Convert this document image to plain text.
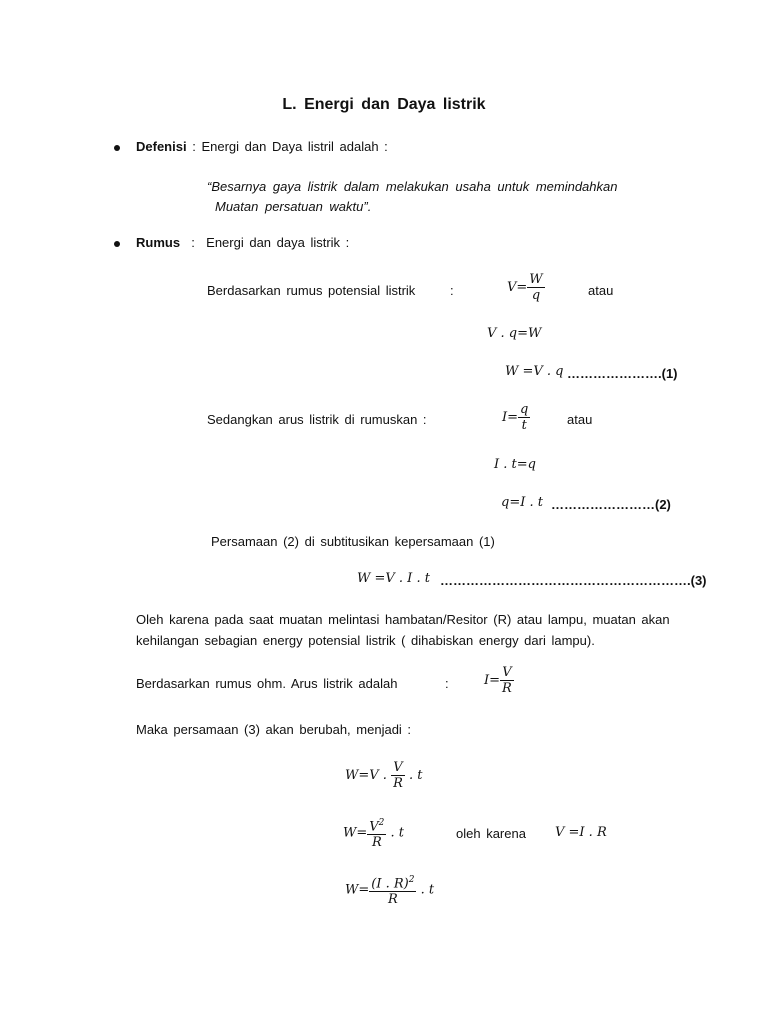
L. Energi dan Daya listrik
Defenisi : Energi dan Daya listril adalah :
“Besarnya gaya listrik dalam melakukan usaha untuk memindahkan
Muatan persatuan waktu”.
Rumus : Energi dan daya listrik :
Berdasarkan rumus potensial listrik	:	$V= \frac{W}{q}$	atau
V . q=W
W =V . q ………………….(1)
Sedangkan arus listrik di rumuskan :	$I= \frac{q}{t}$	atau
I . t=q
q=I . t ……………………(2)
Persamaan (2) di subtitusikan kepersamaan (1)
W =V . I . t ………………………………………………….(3)
Oleh karena pada saat muatan melintasi hambatan/Resitor (R) atau lampu, muatan akan kehilangan sebagian energy potensial listrik ( dihabiskan energy dari lampu).
Berdasarkan rumus ohm. Arus listrik adalah	:	$I= \frac{V}{R}$
Maka persamaan (3) akan berubah, menjadi :
W=V . $\frac{V}{R}$ . t
$W= \frac{V^2}{R}$ . t	oleh karena V =I . R
$W= \frac{(I . R)^2}{R}$ . t
